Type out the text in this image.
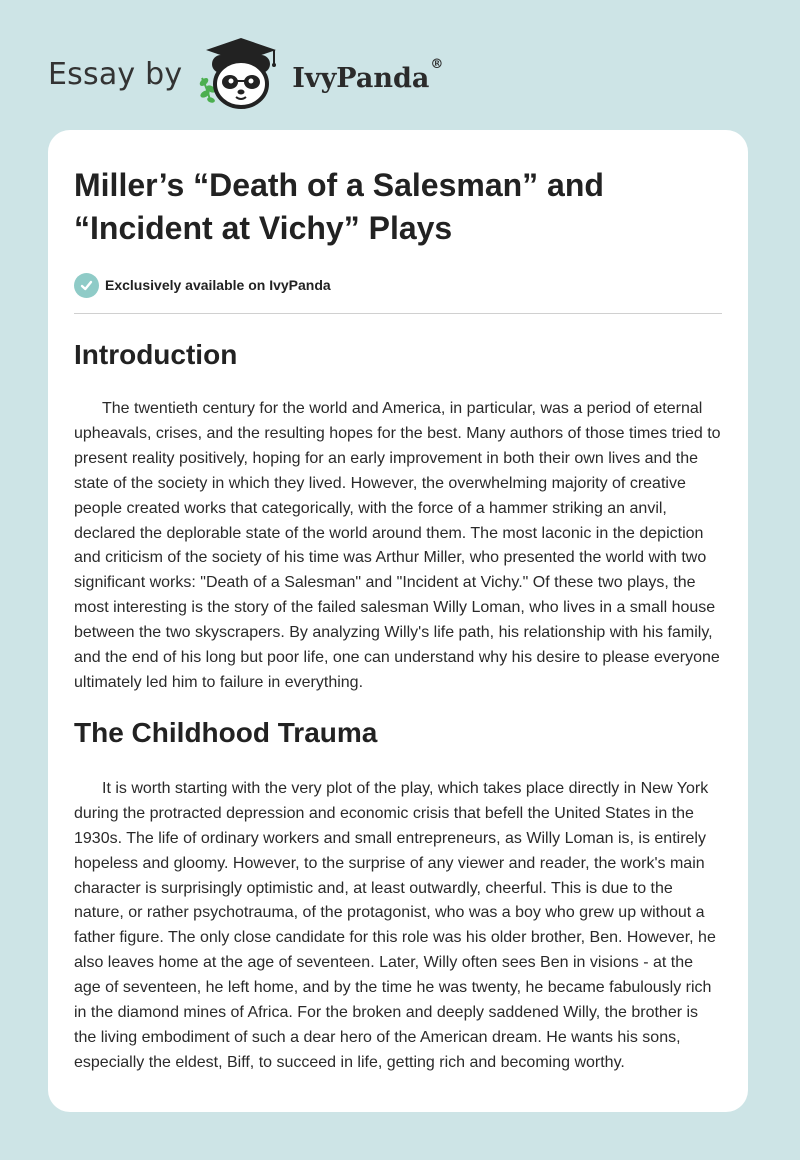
Essay by	IvyPanda®
Miller’s “Death of a Salesman” and “Incident at Vichy” Plays
Exclusively available on IvyPanda
Introduction

The twentieth century for the world and America, in particular, was a period of eternal upheavals, crises, and the resulting hopes for the best. Many authors of those times tried to present reality positively, hoping for an early improvement in both their own lives and the state of the society in which they lived. However, the overwhelming majority of creative people created works that categorically, with the force of a hammer striking an anvil, declared the deplorable state of the world around them. The most laconic in the depiction and criticism of the society of his time was Arthur Miller, who presented the world with two significant works: "Death of a Salesman" and "Incident at Vichy." Of these two plays, the most interesting is the story of the failed salesman Willy Loman, who lives in a small house between the two skyscrapers. By analyzing Willy's life path, his relationship with his family, and the end of his long but poor life, one can understand why his desire to please everyone ultimately led him to failure in everything.

The Childhood Trauma

It is worth starting with the very plot of the play, which takes place directly in New York during the protracted depression and economic crisis that befell the United States in the 1930s. The life of ordinary workers and small entrepreneurs, as Willy Loman is, is entirely hopeless and gloomy. However, to the surprise of any viewer and reader, the work's main character is surprisingly optimistic and, at least outwardly, cheerful. This is due to the nature, or rather psychotrauma, of the protagonist, who was a boy who grew up without a father figure. The only close candidate for this role was his older brother, Ben. However, he also leaves home at the age of seventeen. Later, Willy often sees Ben in visions - at the age of seventeen, he left home, and by the time he was twenty, he became fabulously rich in the diamond mines of Africa. For the broken and deeply saddened Willy, the brother is the living embodiment of such a dear hero of the American dream. He wants his sons, especially the eldest, Biff, to succeed in life, getting rich and becoming worthy.
